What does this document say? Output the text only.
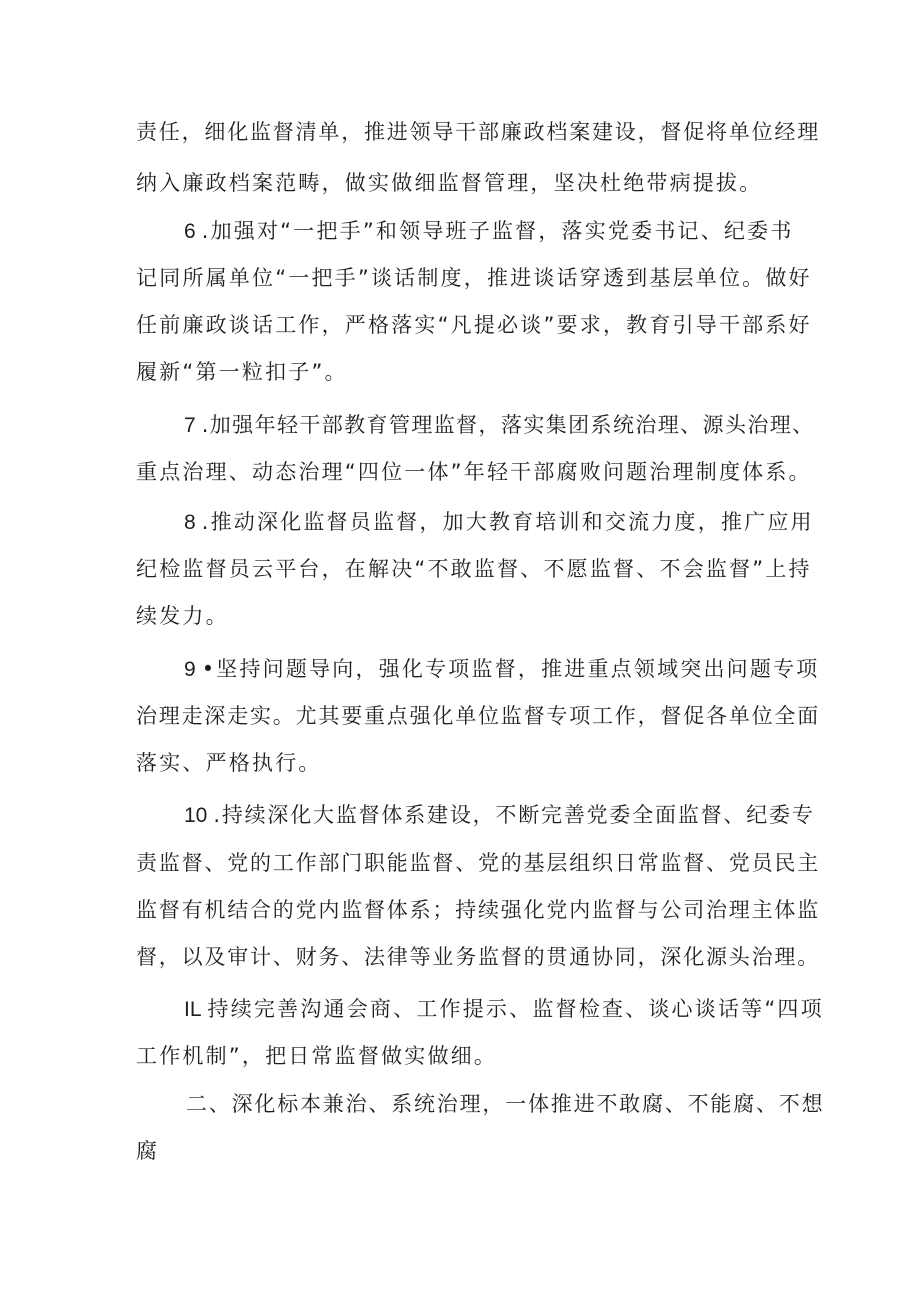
责任，细化监督清单，推进领导干部廉政档案建设，督促将单位经理
纳入廉政档案范畴，做实做细监督管理，坚决杜绝带病提拔。
6 .加强对“一把手”和领导班子监督，落实党委书记、纪委书
记同所属单位“一把手”谈话制度，推进谈话穿透到基层单位。做好
任前廉政谈话工作，严格落实“凡提必谈”要求，教育引导干部系好
履新“第一粒扣子”。
7 .加强年轻干部教育管理监督，落实集团系统治理、源头治理、
重点治理、动态治理“四位一体”年轻干部腐败问题治理制度体系。
8 .推动深化监督员监督，加大教育培训和交流力度，推广应用
纪检监督员云平台，在解决“不敢监督、不愿监督、不会监督”上持
续发力。
9 •坚持问题导向，强化专项监督，推进重点领域突出问题专项
治理走深走实。尤其要重点强化单位监督专项工作，督促各单位全面
落实、严格执行。
10 .持续深化大监督体系建设，不断完善党委全面监督、纪委专
责监督、党的工作部门职能监督、党的基层组织日常监督、党员民主
监督有机结合的党内监督体系；持续强化党内监督与公司治理主体监
督，以及审计、财务、法律等业务监督的贯通协同，深化源头治理。
IL 持续完善沟通会商、工作提示、监督检查、谈心谈话等“四项
工作机制”，把日常监督做实做细。
二、深化标本兼治、系统治理，一体推进不敢腐、不能腐、不想
腐
